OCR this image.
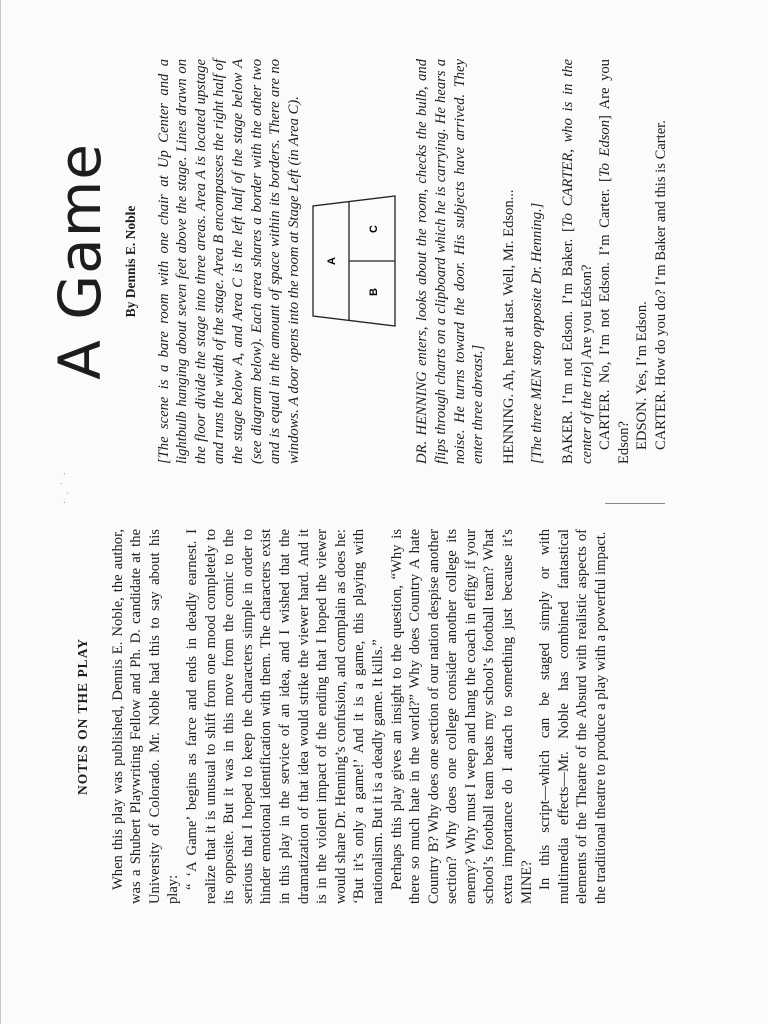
NOTES ON THE PLAY When this play was published, Dennis E. Noble, the author, was a Shubert Playwriting Fellow and Ph. D. candidate at the University of Colorado. Mr. Noble had this to say about his play: “ ‘A Game’ begins as farce and ends in deadly earnest. I realize that it is unusual to shift from one mood completely to its opposite. But it was in this move from the comic to the serious that I hoped to keep the characters simple in order to hinder emotional identification with them. The characters exist in this play in the service of an idea, and I wished that the dramatization of that idea would strike the viewer hard. And it is in the violent impact of the ending that I hoped the viewer would share Dr. Henning’s confusion, and complain as does he: ‘But it’s only a game!’ And it is a game, this playing with nationalism. But it is a deadly game. It kills.” Perhaps this play gives an insight to the question, “Why is there so much hate in the world?” Why does Country A hate Country B? Why does one section of our nation despise another section? Why does one college consider another college its enemy? Why must I weep and hang the coach in effigy if your school’s football team beats my school’s football team? What extra importance do I attach to something just because it’s MINE? In this script—which can be staged simply or with multimedia effects—Mr. Noble has combined fantastical elements of the Theatre of the Absurd with realistic aspects of the traditional theatre to produce a play with a powerful impact.

· . ˙ ·
A Game By Dennis E. Noble [The scene is a bare room with one chair at Up Center and a lightbulb hanging about seven feet above the stage. Lines drawn on the floor divide the stage into three areas. Area A is located upstage and runs the width of the stage. Area B encompasses the right half of the stage below A, and Area C is the left half of the stage below A (see diagram below). Each area shares a border with the other two and is equal in the amount of space within its borders. There are no windows. A door opens into the room at Stage Left (in Area C). A
B
C DR. HENNING enters, looks about the room, checks the bulb, and flips through charts on a clipboard which he is carrying. He hears a noise. He turns toward the door. His subjects have arrived. They enter three abreast.] HENNING. Ah, here at last. Well, Mr. Edson... [The three MEN stop opposite Dr. Henning.] BAKER. I’m not Edson. I’m Baker. [To CARTER, who is in the center of the trio] Are you Edson? CARTER. No, I’m not Edson. I’m Carter. [To Edson] Are you Edson? EDSON. Yes, I’m Edson. CARTER. How do you do? I’m Baker and this is Carter.
